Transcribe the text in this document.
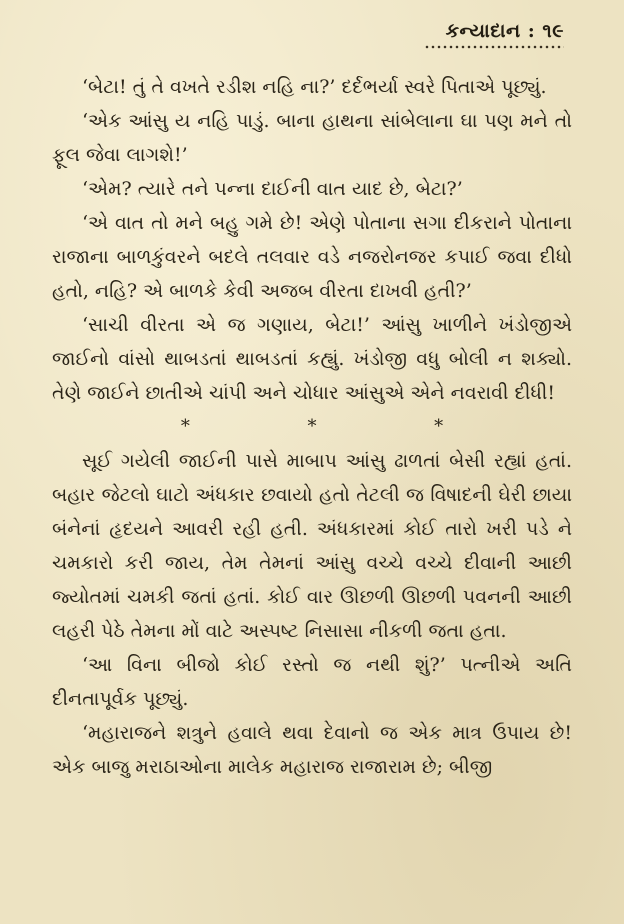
કન્યાદાન : ૧૯

‘બેટા! તું તે વખતે રડીશ નહિ ના?’ દર્દભર્યા સ્વરે પિતાએ પૂછ્યું.

‘એક આંસુ ય નહિ પાડું. બાના હાથના સાંબેલાના ઘા પણ મને તો ફૂલ જેવા લાગશે!’

‘એમ? ત્યારે તને પન્ના દાઈની વાત યાદ છે, બેટા?’

‘એ વાત તો મને બહુ ગમે છે! એણે પોતાના સગા દીકરાને પોતાના રાજાના બાળકુંવરને બદલે તલવાર વડે નજરોનજર કપાઈ જવા દીધો હતો, નહિ? એ બાળકે કેવી અજબ વીરતા દાખવી હતી?’

‘સાચી વીરતા એ જ ગણાય, બેટા!’ આંસુ ખાળીને ખંડોજીએ જાઈનો વાંસો થાબડતાં થાબડતાં કહ્યું. ખંડોજી વધુ બોલી ન શક્યો. તેણે જાઈને છાતીએ ચાંપી અને ચોધાર આંસુએ એને નવરાવી દીધી!

*	*	*

સૂઈ ગયેલી જાઈની પાસે માબાપ આંસુ ઢાળતાં બેસી રહ્યાં હતાં. બહાર જેટલો ઘાટો અંધકાર છવાયો હતો તેટલી જ વિષાદની ઘેરી છાયા બંનેનાં હૃદયને આવરી રહી હતી. અંધકારમાં કોઈ તારો ખરી પડે ને ચમકારો કરી જાય, તેમ તેમનાં આંસુ વચ્ચે વચ્ચે દીવાની આછી જ્યોતમાં ચમકી જતાં હતાં. કોઈ વાર ઊછળી ઊછળી પવનની આછી લહરી પેઠે તેમના મોં વાટે અસ્પષ્ટ નિસાસા નીકળી જતા હતા.

‘આ વિના બીજો કોઈ રસ્તો જ નથી શું?’ પત્નીએ અતિ દીનતાપૂર્વક પૂછ્યું.

‘મહારાજને શત્રુને હવાલે થવા દેવાનો જ એક માત્ર ઉપાય છે! એક બાજુ મરાઠાઓના માલેક મહારાજ રાજારામ છે; બીજી
